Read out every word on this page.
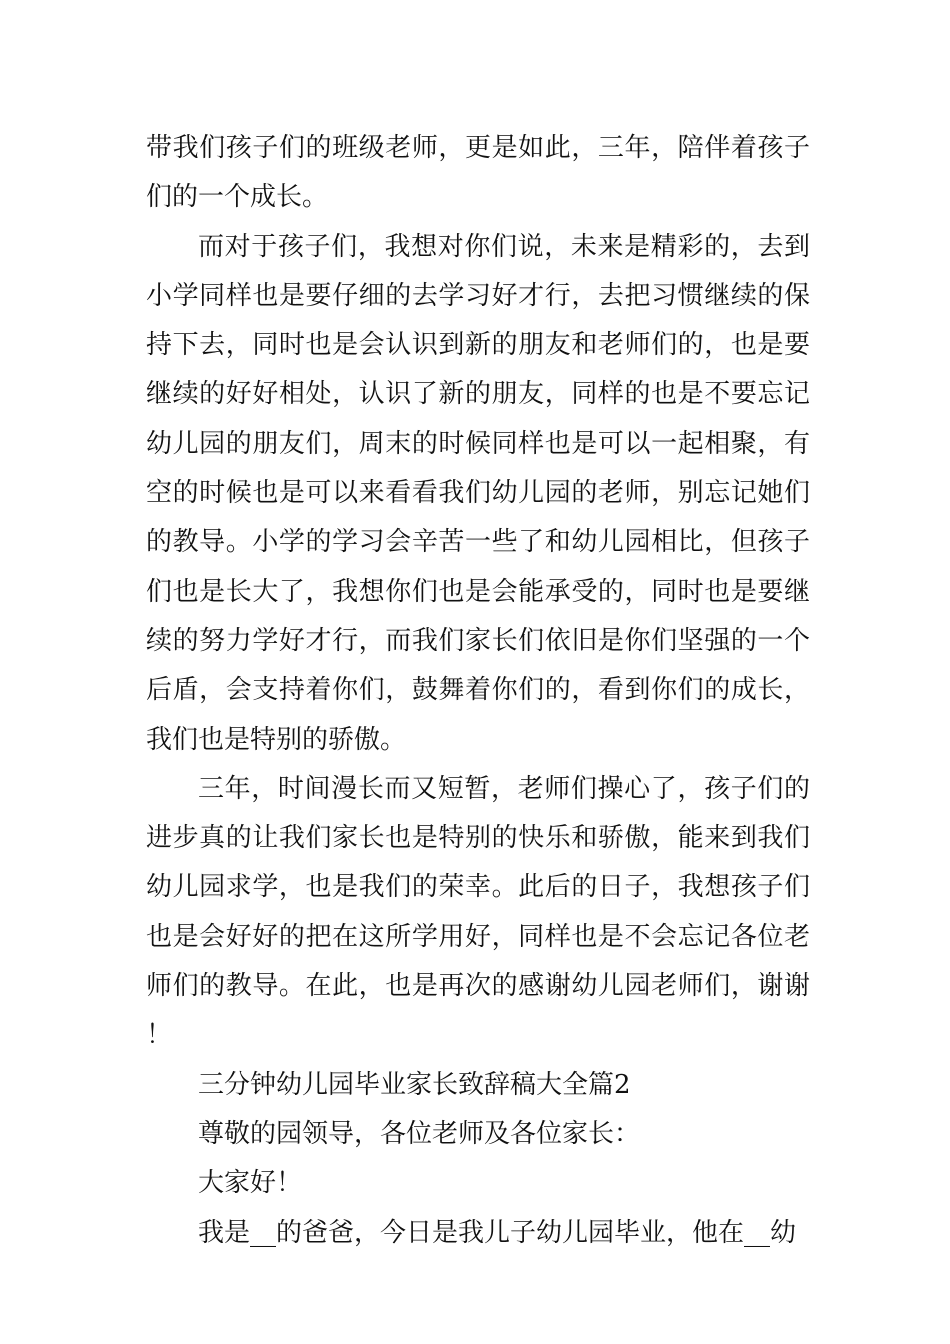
带我们孩子们的班级老师，更是如此，三年，陪伴着孩子们的一个成长。

而对于孩子们，我想对你们说，未来是精彩的，去到小学同样也是要仔细的去学习好才行，去把习惯继续的保持下去，同时也是会认识到新的朋友和老师们的，也是要继续的好好相处，认识了新的朋友，同样的也是不要忘记幼儿园的朋友们，周末的时候同样也是可以一起相聚，有空的时候也是可以来看看我们幼儿园的老师，别忘记她们的教导。小学的学习会辛苦一些了和幼儿园相比，但孩子们也是长大了，我想你们也是会能承受的，同时也是要继续的努力学好才行，而我们家长们依旧是你们坚强的一个后盾，会支持着你们，鼓舞着你们的，看到你们的成长，我们也是特别的骄傲。

三年，时间漫长而又短暂，老师们操心了，孩子们的进步真的让我们家长也是特别的快乐和骄傲，能来到我们幼儿园求学，也是我们的荣幸。此后的日子，我想孩子们也是会好好的把在这所学用好，同样也是不会忘记各位老师们的教导。在此，也是再次的感谢幼儿园老师们，谢谢！

三分钟幼儿园毕业家长致辞稿大全篇2

尊敬的园领导，各位老师及各位家长：

大家好！

我是__的爸爸，今日是我儿子幼儿园毕业，他在__幼
